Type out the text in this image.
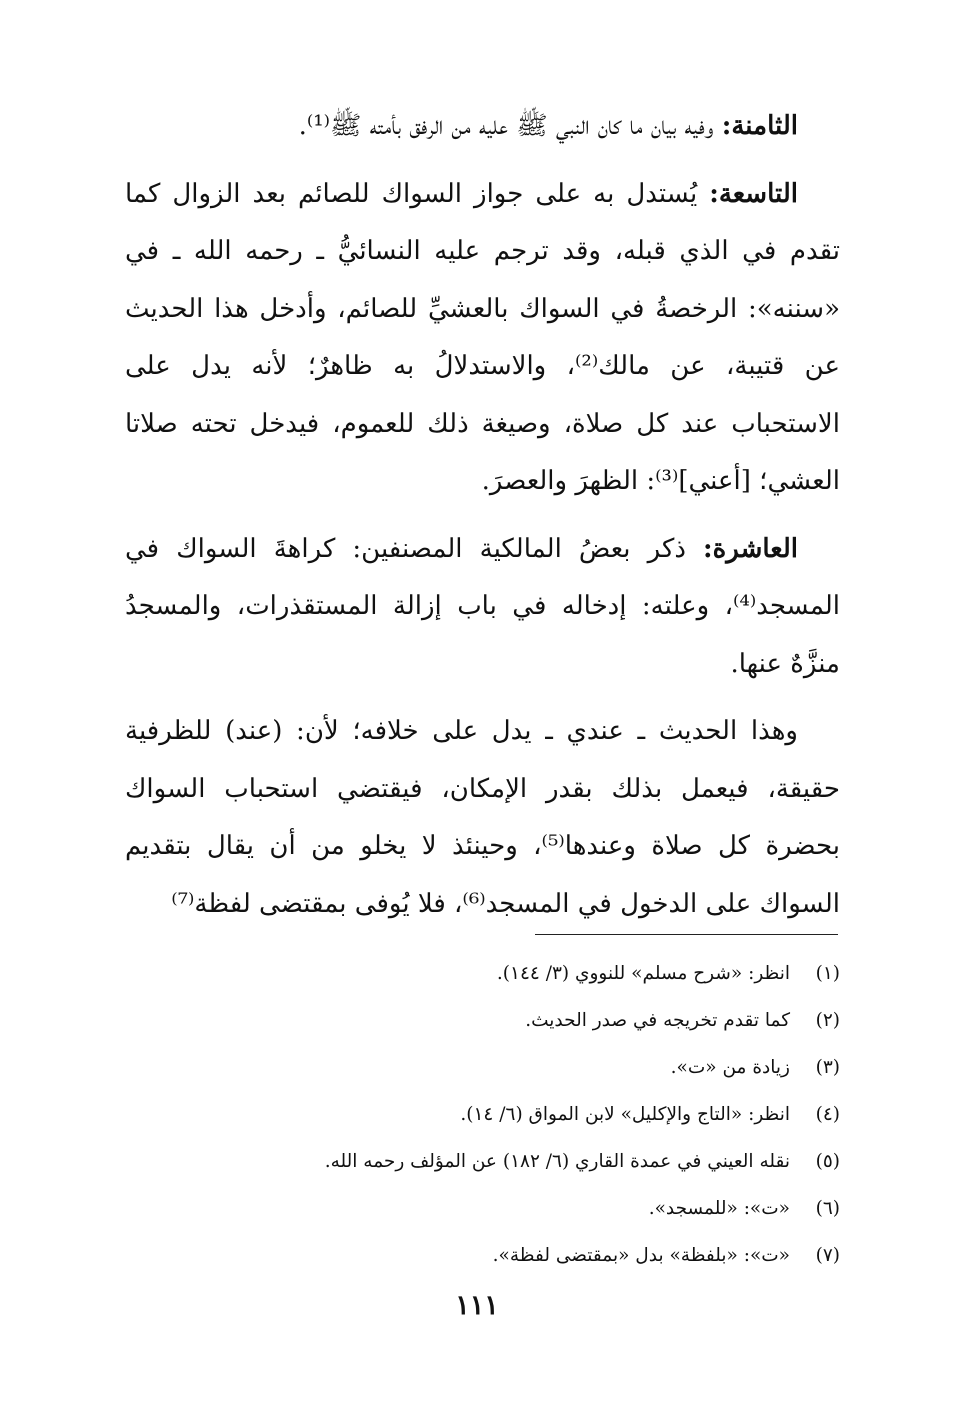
الثامنة: وفيه بيان ما كان النبي ﷺ عليه من الرفق بأمته ﷺ⁽¹⁾.

التاسعة: يُستدل به على جواز السواك للصائم بعد الزوال كما تقدم في الذي قبله، وقد ترجم عليه النسائيُّ ـ رحمه الله ـ في «سننه»: الرخصةُ في السواك بالعشيِّ للصائم، وأدخل هذا الحديث عن قتيبة، عن مالك⁽²⁾، والاستدلالُ به ظاهرٌ؛ لأنه يدل على الاستحباب عند كل صلاة، وصيغة ذلك للعموم، فيدخل تحته صلاتا العشي؛ [أعني]⁽³⁾: الظهرَ والعصرَ.

العاشرة: ذكر بعضُ المالكية المصنفين: كراهةَ السواك في المسجد⁽⁴⁾، وعلته: إدخاله في باب إزالة المستقذرات، والمسجدُ منزَّهٌ عنها.

وهذا الحديث ـ عندي ـ يدل على خلافه؛ لأن: (عند) للظرفية حقيقة، فيعمل بذلك بقدر الإمكان، فيقتضي استحباب السواك بحضرة كل صلاة وعندها⁽⁵⁾، وحينئذ لا يخلو من أن يقال بتقديم السواك على الدخول في المسجد⁽⁶⁾، فلا يُوفى بمقتضى لفظة⁽⁷⁾

(١)انظر: «شرح مسلم» للنووي (٣/ ١٤٤).
(٢)كما تقدم تخريجه في صدر الحديث.
(٣)زيادة من «ت».
(٤)انظر: «التاج والإكليل» لابن المواق (٦/ ١٤).
(٥)نقله العيني في عمدة القاري (٦/ ١٨٢) عن المؤلف رحمه الله.
(٦)«ت»: «للمسجد».
(٧)«ت»: «بلفظة» بدل «بمقتضى لفظة».
١١١
